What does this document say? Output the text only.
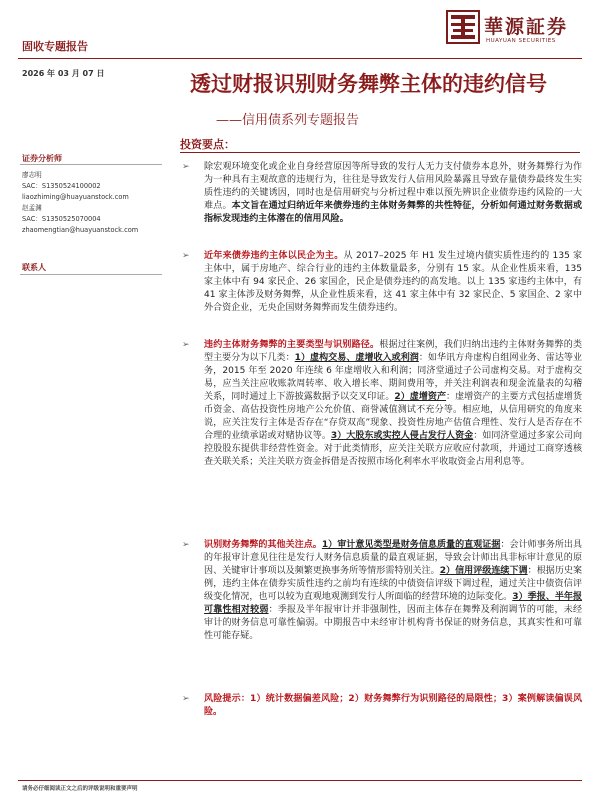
固收专题报告
華源証券
HUAYUAN SECURITIES
2026 年 03 月 07 日	透过财报识别财务舞弊主体的违约信号
——信用债系列专题报告
投资要点：
证券分析师
廖志明
SAC：S1350524100002
liaozhiming@huayuanstock.com
赵孟渊
SAC：S1350525070004
zhaomengtian@huayuanstock.com
联系人
➢ 除宏观环境变化或企业自身经营原因等所导致的发行人无力支付债券本息外，财务舞弊行为作为一种具有主观故意的违规行为，往往是导致发行人信用风险暴露且导致存量债券最终发生实质性违约的关键诱因，同时也是信用研究与分析过程中难以预先辨识企业债券违约风险的一大难点。本文旨在通过归纳近年来债券违约主体财务舞弊的共性特征，分析如何通过财务数据或指标发现违约主体潜在的信用风险。
➢ 近年来债券违约主体以民企为主。从 2017–2025 年 H1 发生过境内债实质性违约的 135 家主体中，属于房地产、综合行业的违约主体数量最多，分别有 15 家。从企业性质来看，135 家主体中有 94 家民企、26 家国企，民企是债券违约的高发地。以上 135 家违约主体中，有 41 家主体涉及财务舞弊，从企业性质来看，这 41 家主体中有 32 家民企、5 家国企、2 家中外合资企业，无央企国财务舞弊而发生债券违约。
➢ 违约主体财务舞弊的主要类型与识别路径。根据过往案例，我们归纳出违约主体财务舞弊的类型主要分为以下几类：1）虚构交易、虚增收入或利润：如华讯方舟虚构自组网业务、雷达等业务，2015 年至 2020 年连续 6 年虚增收入和利润；同济堂通过子公司虚构交易。对于虚构交易，应当关注应收账款周转率、收入增长率、期间费用等，并关注利润表和现金流量表的勾稽关系，同时通过上下游披露数据予以交叉印证。2）虚增资产：虚增资产的主要方式包括虚增货币资金、高估投资性房地产公允价值、商誉减值测试不充分等。相应地，从信用研究的角度来说，应关注发行主体是否存在“存贷双高”现象、投资性房地产估值合理性、发行人是否存在不合理的业绩承诺或对赌协议等。3）大股东或实控人侵占发行人资金：如同济堂通过多家公司向控股股东提供非经营性资金。对于此类情形，应关注关联方应收应付款项，并通过工商穿透核查关联关系；关注关联方资金拆借是否按照市场化利率水平收取资金占用利息等。
➢ 识别财务舞弊的其他关注点。1）审计意见类型是财务信息质量的直观证据：会计师事务所出具的年报审计意见往往是发行人财务信息质量的最直观证据，导致会计师出具非标审计意见的原因、关键审计事项以及频繁更换事务所等情形需特别关注。2）信用评级连续下调：根据历史案例，违约主体在债券实质性违约之前均有连续的中债资信评级下调过程，通过关注中债资信评级变化情况，也可以较为直观地观测到发行人所面临的经营环境的边际变化。3）季报、半年报可靠性相对较弱：季报及半年报审计并非强制性，因而主体存在舞弊及利润调节的可能，未经审计的财务信息可靠性偏弱。中期报告中未经审计机构背书保证的财务信息，其真实性和可靠性可能存疑。
➢ 风险提示：1）统计数据偏差风险；2）财务舞弊行为识别路径的局限性；3）案例解读偏误风险。
请务必仔细阅读正文之后的评级说明和重要声明
